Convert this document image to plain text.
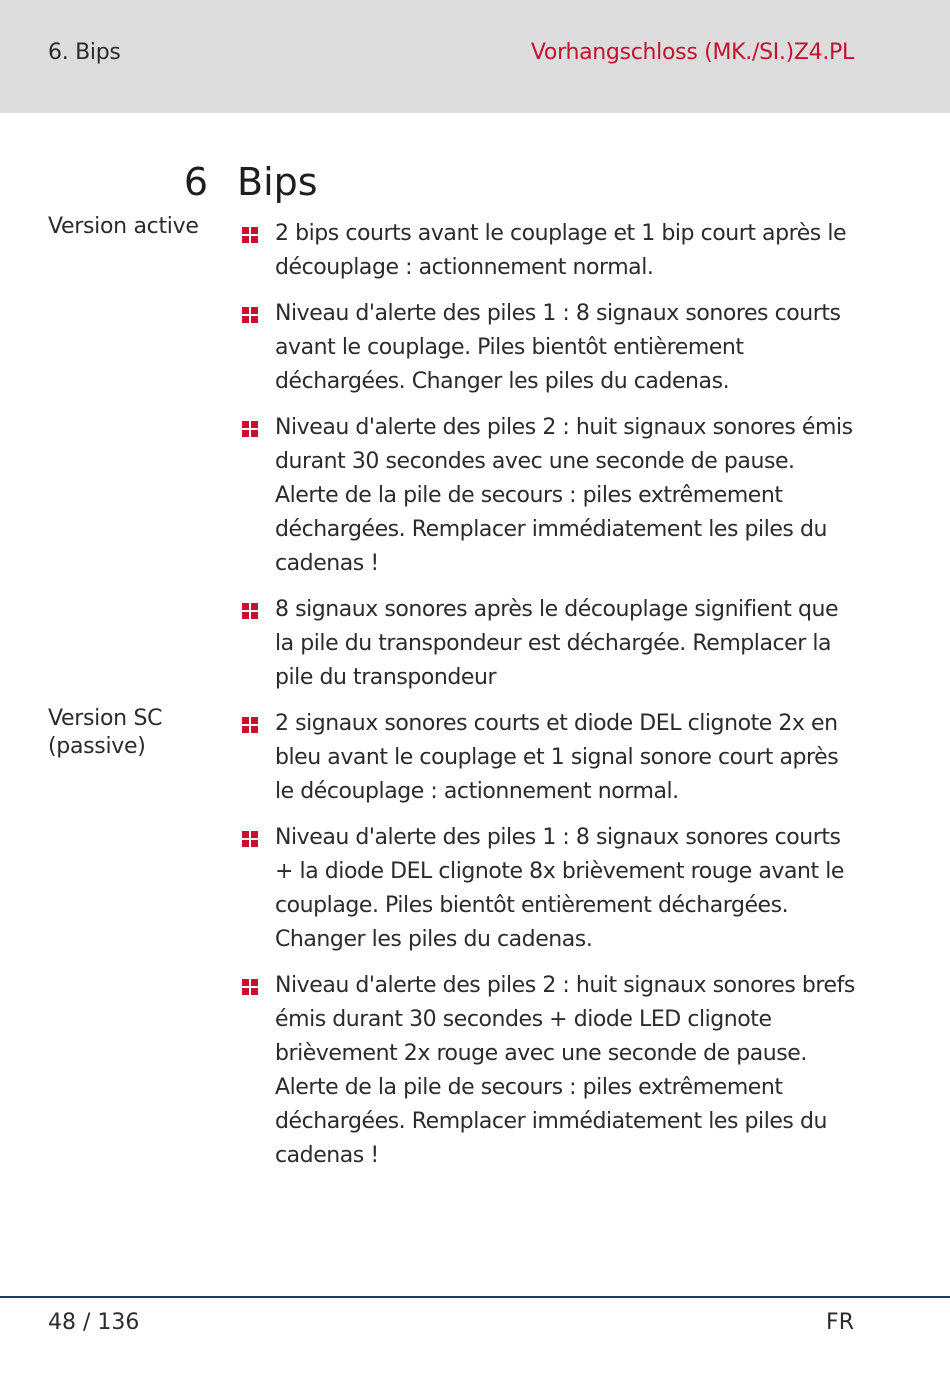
6. Bips	Vorhangschloss (MK./SI.)Z4.PL
6 Bips
Version active	2 bips courts avant le couplage et 1 bip court après le découplage : actionnement normal.
Niveau d'alerte des piles 1 : 8 signaux sonores courts avant le couplage. Piles bientôt entièrement déchargées. Changer les piles du cadenas.
Niveau d'alerte des piles 2 : huit signaux sonores émis durant 30 secondes avec une seconde de pause. Alerte de la pile de secours : piles extrêmement déchargées. Remplacer immédiatement les piles du cadenas !
8 signaux sonores après le découplage signifient que la pile du transpondeur est déchargée. Remplacer la pile du transpondeur
Version SC
(passive)
2 signaux sonores courts et diode DEL clignote 2x en bleu avant le couplage et 1 signal sonore court après le découplage : actionnement normal.
Niveau d'alerte des piles 1 : 8 signaux sonores courts + la diode DEL clignote 8x brièvement rouge avant le couplage. Piles bientôt entièrement déchargées. Changer les piles du cadenas.
Niveau d'alerte des piles 2 : huit signaux sonores brefs émis durant 30 secondes + diode LED clignote brièvement 2x rouge avec une seconde de pause. Alerte de la pile de secours : piles extrêmement déchargées. Remplacer immédiatement les piles du cadenas !
48 / 136	FR
